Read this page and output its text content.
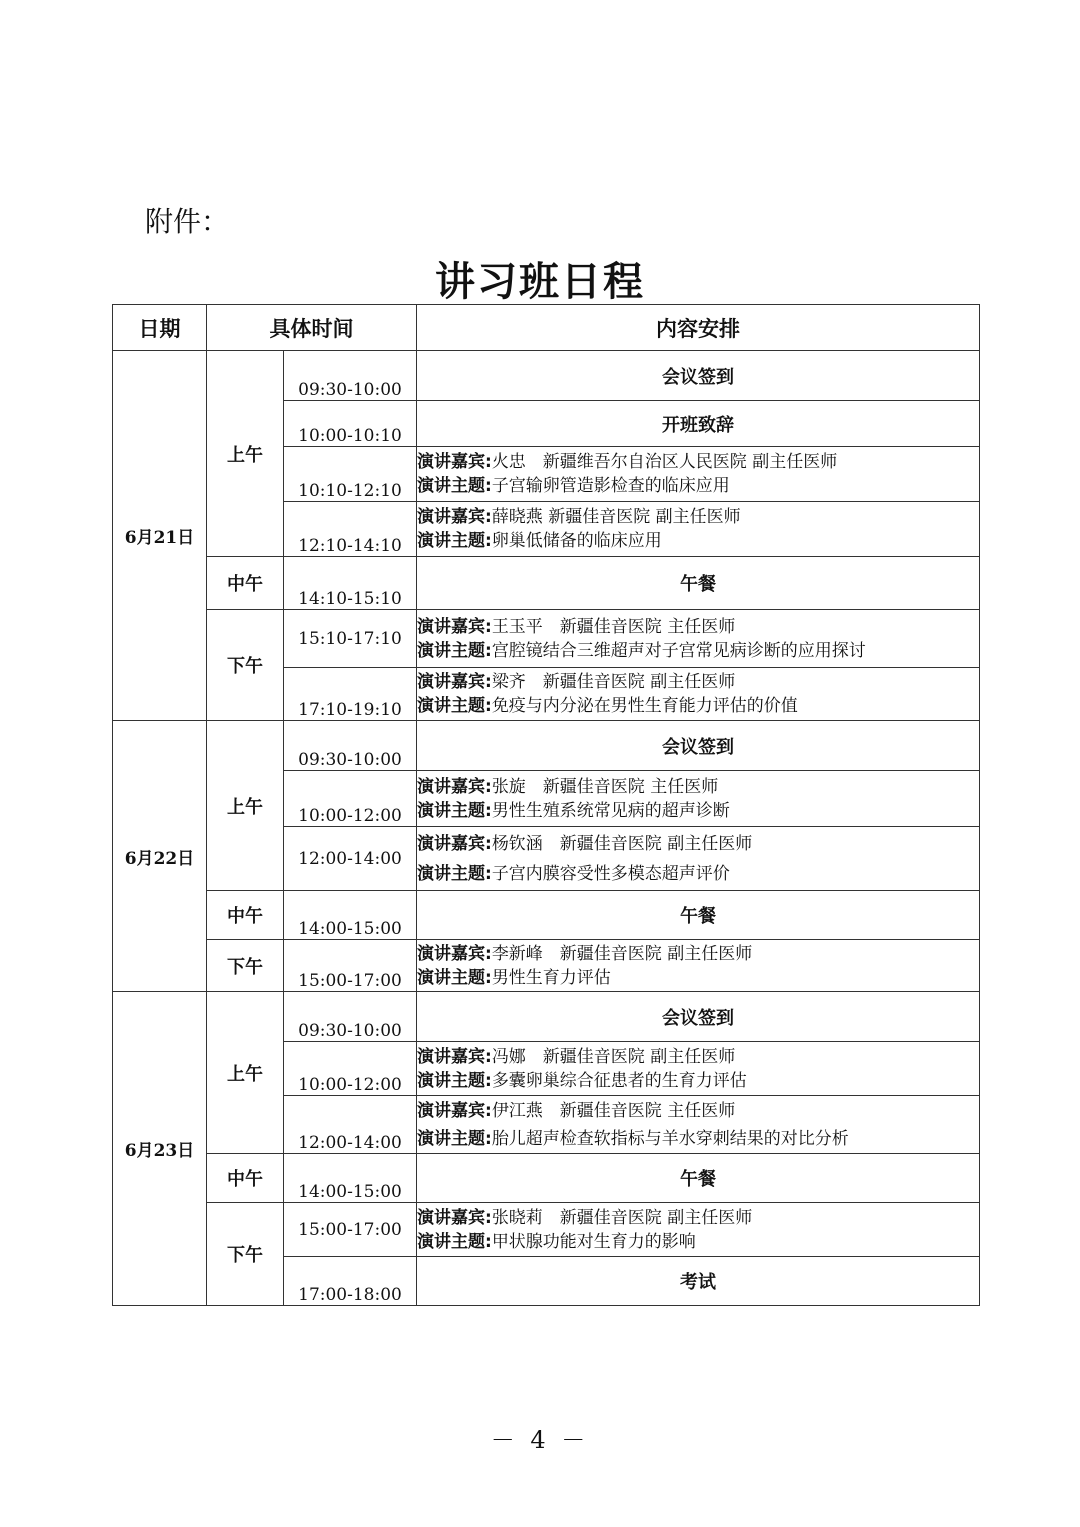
附件：
讲习班日程
日期	具体时间		内容安排
6月21日	上午	09:30-10:00	会议签到
		10:00-10:10	开班致辞
		10:10-12:10	演讲嘉宾:火忠　新疆维吾尔自治区人民医院 副主任医师
演讲主题:子宫输卵管造影检查的临床应用

		12:10-14:10	演讲嘉宾:薛晓燕 新疆佳音医院 副主任医师
演讲主题:卵巢低储备的临床应用

	中午	14:10-15:10	午餐
	下午	15:10-17:10	演讲嘉宾:王玉平　新疆佳音医院 主任医师
演讲主题:宫腔镜结合三维超声对子宫常见病诊断的应用探讨

		17:10-19:10	演讲嘉宾:梁齐　新疆佳音医院 副主任医师
演讲主题:免疫与内分泌在男性生育能力评估的价值

6月22日	上午	09:30-10:00	会议签到
		10:00-12:00	演讲嘉宾:张旋　新疆佳音医院 主任医师
演讲主题:男性生殖系统常见病的超声诊断

		12:00-14:00	演讲嘉宾:杨钦涵　新疆佳音医院 副主任医师
演讲主题:子宫内膜容受性多模态超声评价

	中午	14:00-15:00	午餐
	下午	15:00-17:00	演讲嘉宾:李新峰　新疆佳音医院 副主任医师
演讲主题:男性生育力评估

6月23日	上午	09:30-10:00	会议签到
		10:00-12:00	演讲嘉宾:冯娜　新疆佳音医院 副主任医师
演讲主题:多囊卵巢综合征患者的生育力评估

		12:00-14:00	演讲嘉宾:伊江燕　新疆佳音医院 主任医师
演讲主题:胎儿超声检查软指标与羊水穿刺结果的对比分析

	中午	14:00-15:00	午餐
	下午	15:00-17:00	演讲嘉宾:张晓莉　新疆佳音医院 副主任医师
演讲主题:甲状腺功能对生育力的影响

		17:00-18:00	考试
－ 4 －
